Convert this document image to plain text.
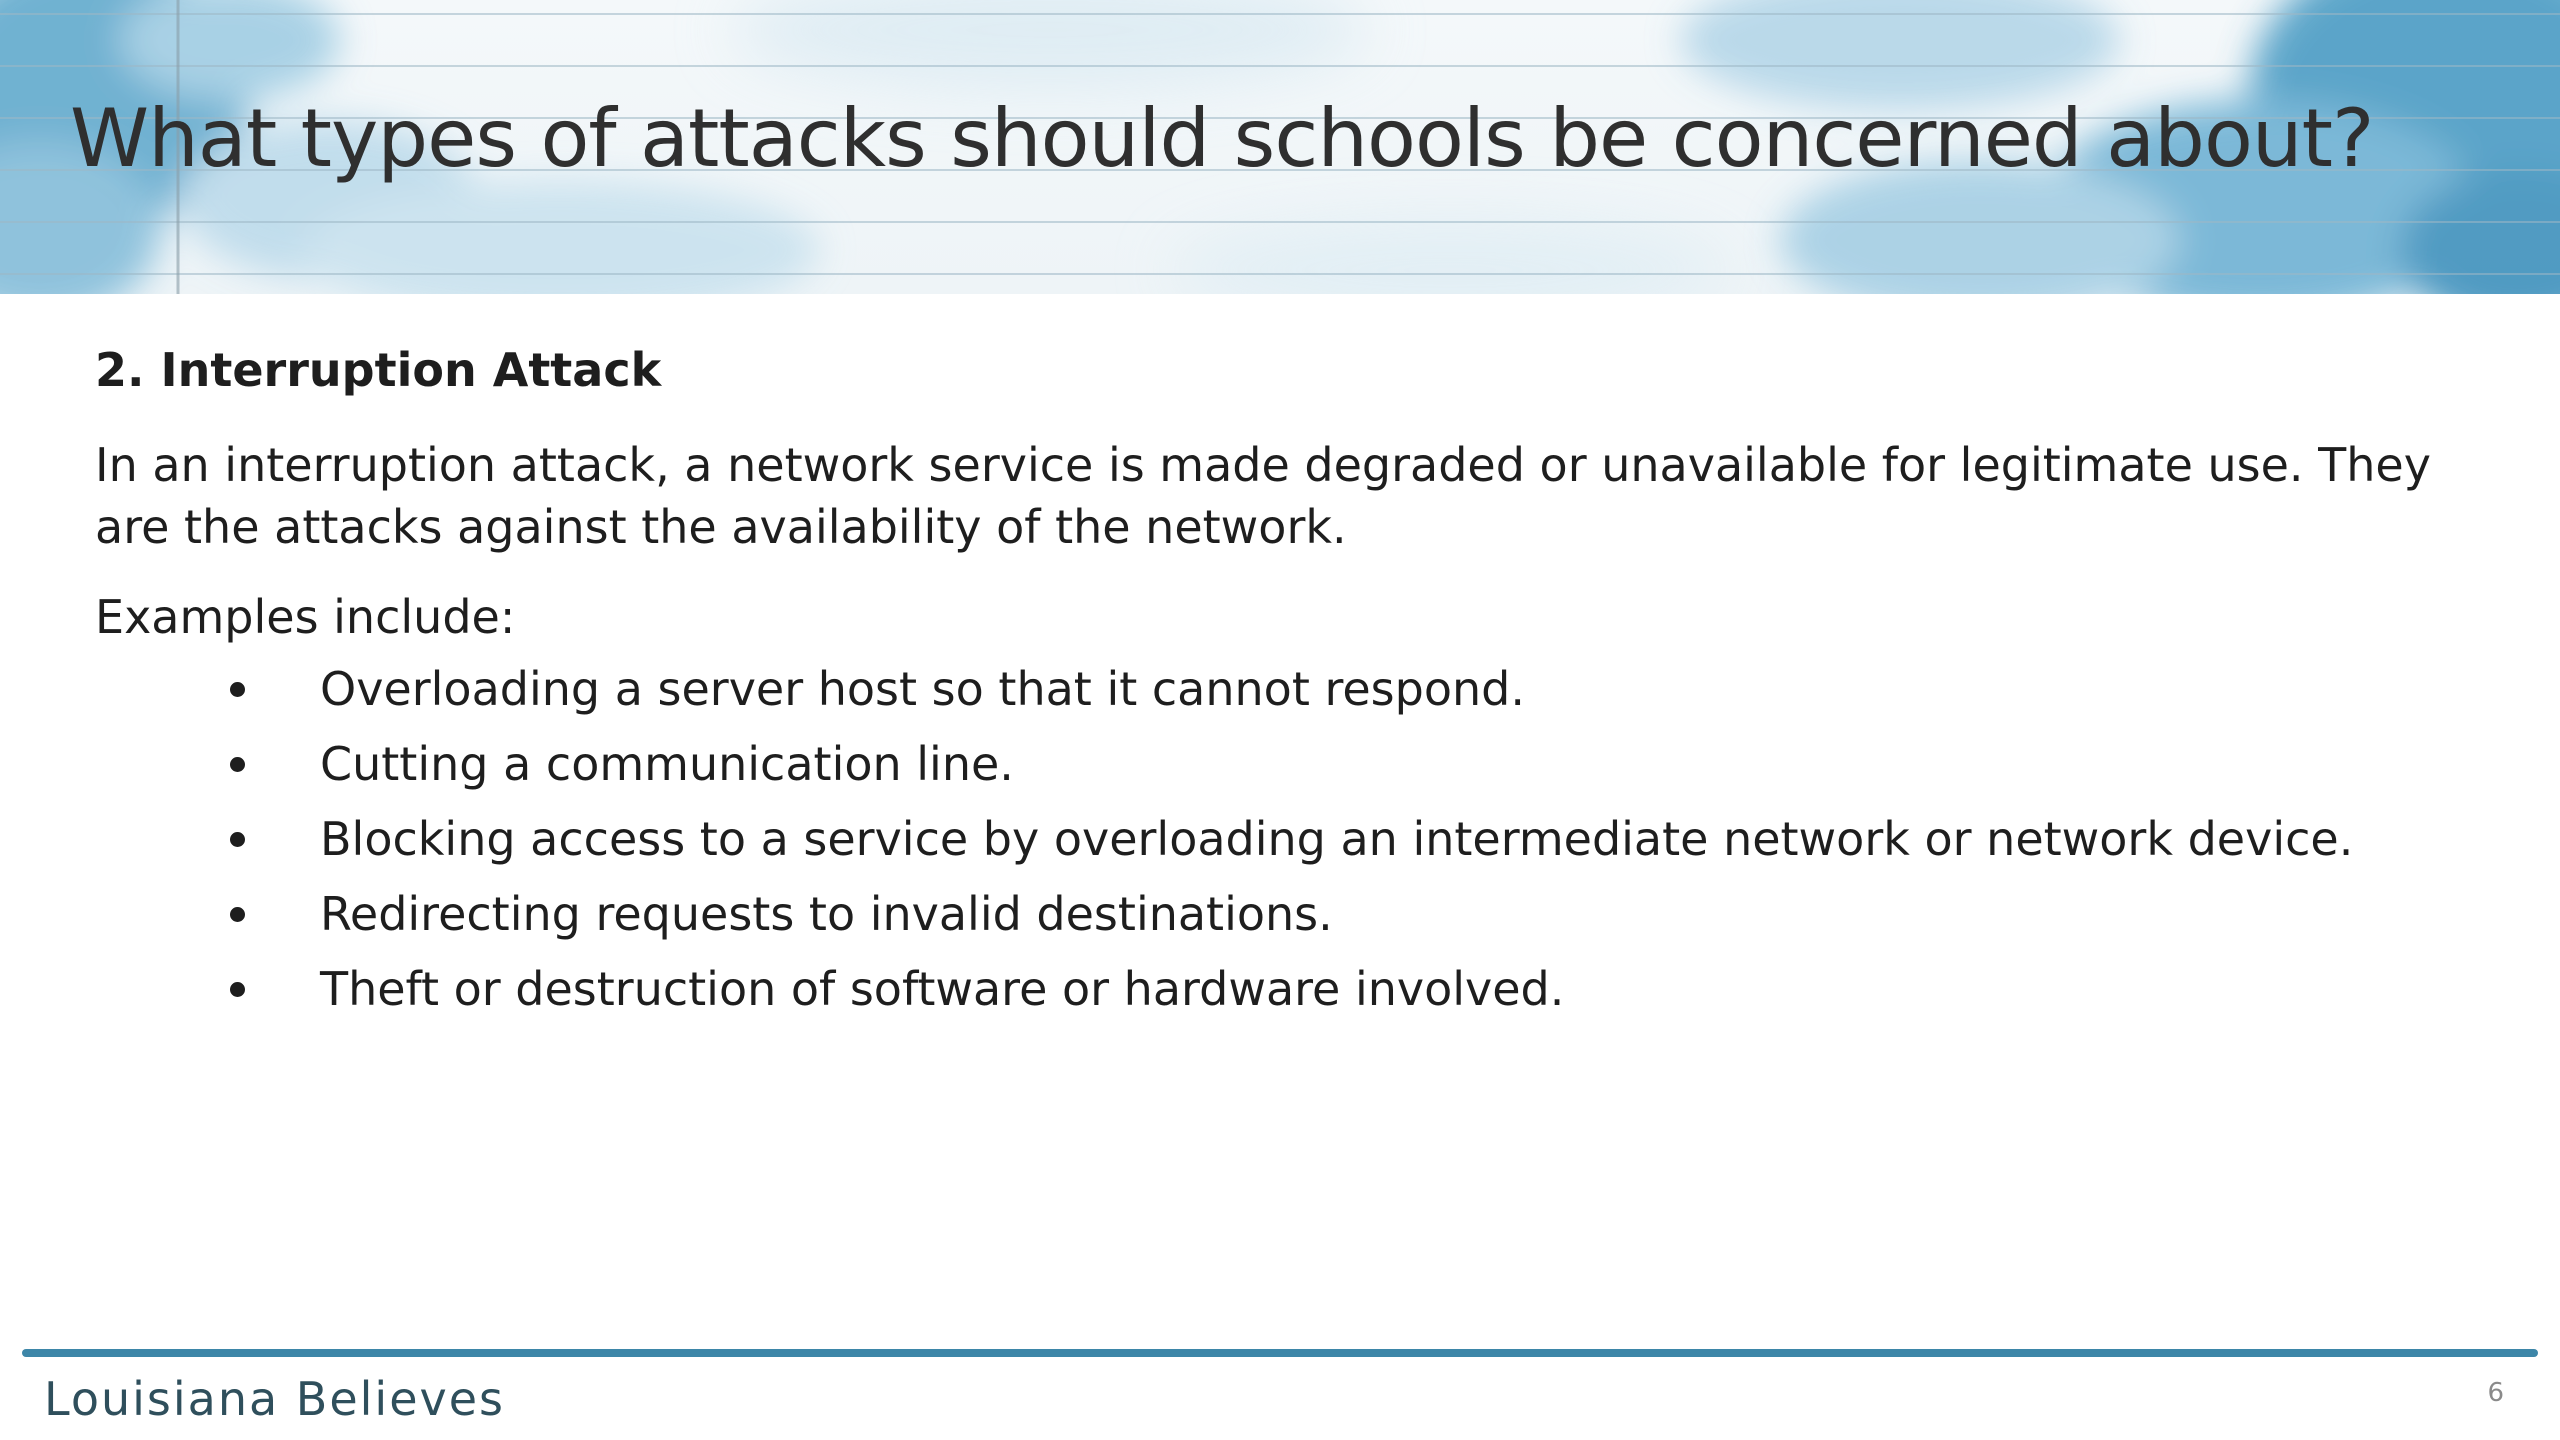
What types of attacks should schools be concerned about?

2. Interruption Attack

In an interruption attack, a network service is made degraded or unavailable for legitimate use. They are the attacks against the availability of the network.

Examples include:

Overloading a server host so that it cannot respond.
Cutting a communication line.
Blocking access to a service by overloading an intermediate network or network device.
Redirecting requests to invalid destinations.
Theft or destruction of software or hardware involved.
Louisiana Believes	6
